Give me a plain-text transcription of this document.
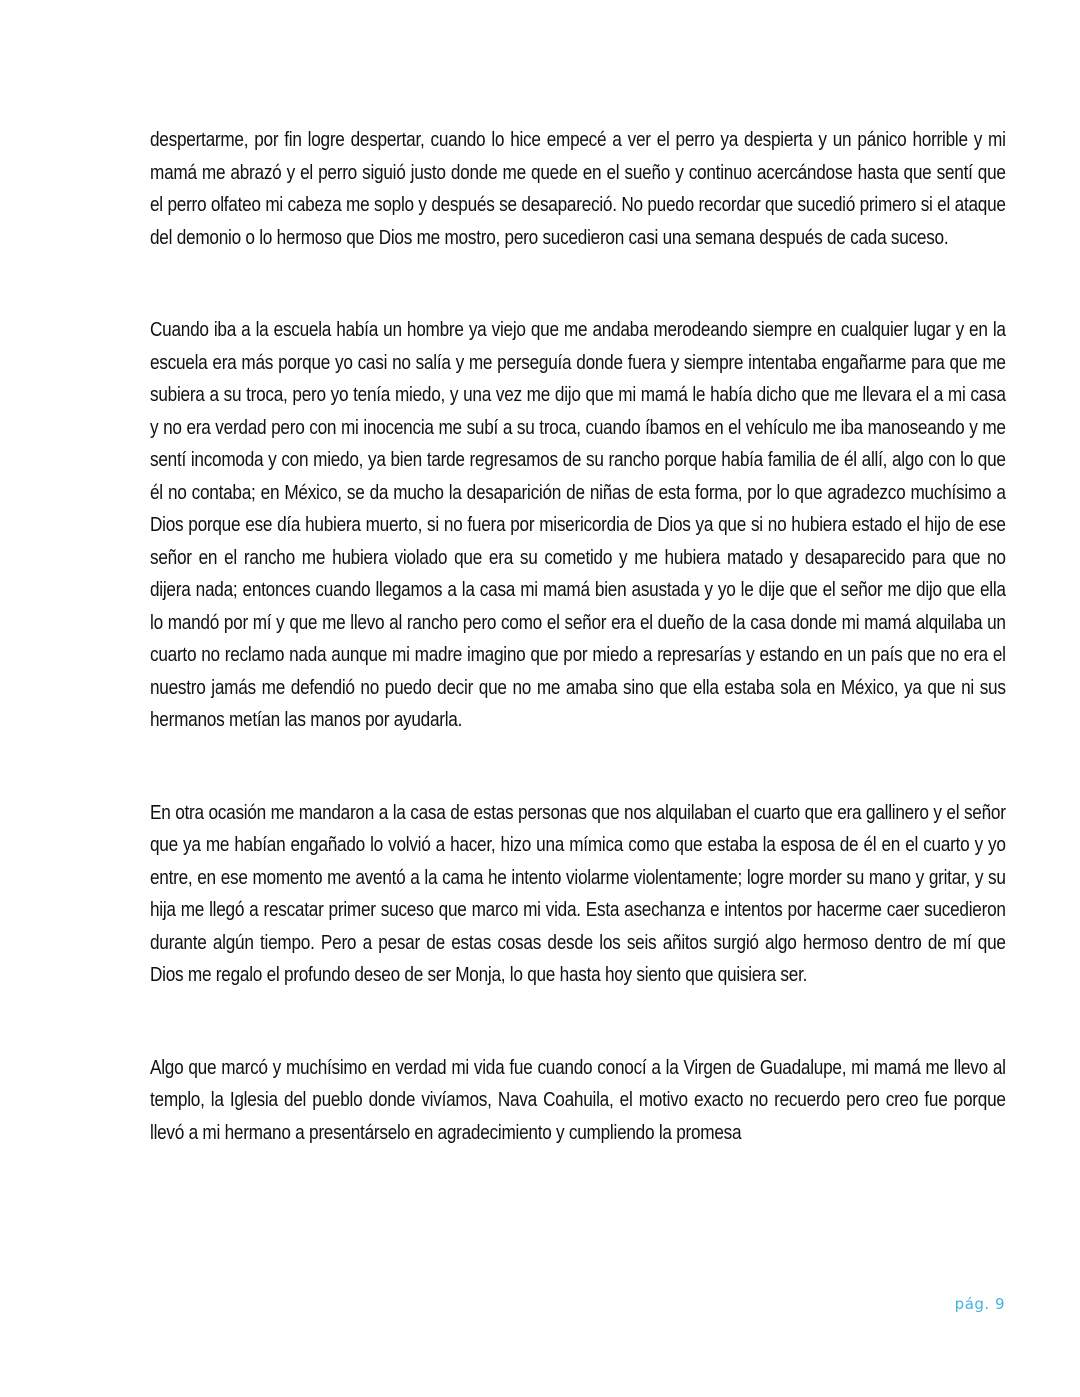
despertarme, por fin logre despertar, cuando lo hice empecé a ver el perro ya despierta y un pánico horrible y mi mamá me abrazó y el perro siguió justo donde me quede en el sueño y continuo acercándose hasta que sentí que el perro olfateo mi cabeza me soplo y después se desapareció. No puedo recordar que sucedió primero si el ataque del demonio o lo hermoso que Dios me mostro, pero sucedieron casi una semana después de cada suceso.

Cuando iba a la escuela había un hombre ya viejo que me andaba merodeando siempre en cualquier lugar y en la escuela era más porque yo casi no salía y me perseguía donde fuera y siempre intentaba engañarme para que me subiera a su troca, pero yo tenía miedo, y una vez me dijo que mi mamá le había dicho que me llevara el a mi casa y no era verdad pero con mi inocencia me subí a su troca, cuando íbamos en el vehículo me iba manoseando y me sentí incomoda y con miedo, ya bien tarde regresamos de su rancho porque había familia de él allí, algo con lo que él no contaba; en México, se da mucho la desaparición de niñas de esta forma, por lo que agradezco muchísimo a Dios porque ese día hubiera muerto, si no fuera por misericordia de Dios ya que si no hubiera estado el hijo de ese señor en el rancho me hubiera violado que era su cometido y me hubiera matado y desaparecido para que no dijera nada; entonces cuando llegamos a la casa mi mamá bien asustada y yo le dije que el señor me dijo que ella lo mandó por mí y que me llevo al rancho pero como el señor era el dueño de la casa donde mi mamá alquilaba un cuarto no reclamo nada aunque mi madre imagino que por miedo a represarías y estando en un país que no era el nuestro jamás me defendió no puedo decir que no me amaba sino que ella estaba sola en México, ya que ni sus hermanos metían las manos por ayudarla.

En otra ocasión me mandaron a la casa de estas personas que nos alquilaban el cuarto que era gallinero y el señor que ya me habían engañado lo volvió a hacer, hizo una mímica como que estaba la esposa de él en el cuarto y yo entre, en ese momento me aventó a la cama he intento violarme violentamente; logre morder su mano y gritar, y su hija me llegó a rescatar primer suceso que marco mi vida. Esta asechanza e intentos por hacerme caer sucedieron durante algún tiempo. Pero a pesar de estas cosas desde los seis añitos surgió algo hermoso dentro de mí que Dios me regalo el profundo deseo de ser Monja, lo que hasta hoy siento que quisiera ser.

Algo que marcó y muchísimo en verdad mi vida fue cuando conocí a la Virgen de Guadalupe, mi mamá me llevo al templo, la Iglesia del pueblo donde vivíamos, Nava Coahuila, el motivo exacto no recuerdo pero creo fue porque llevó a mi hermano a presentárselo en agradecimiento y cumpliendo la promesa

pág. 9
